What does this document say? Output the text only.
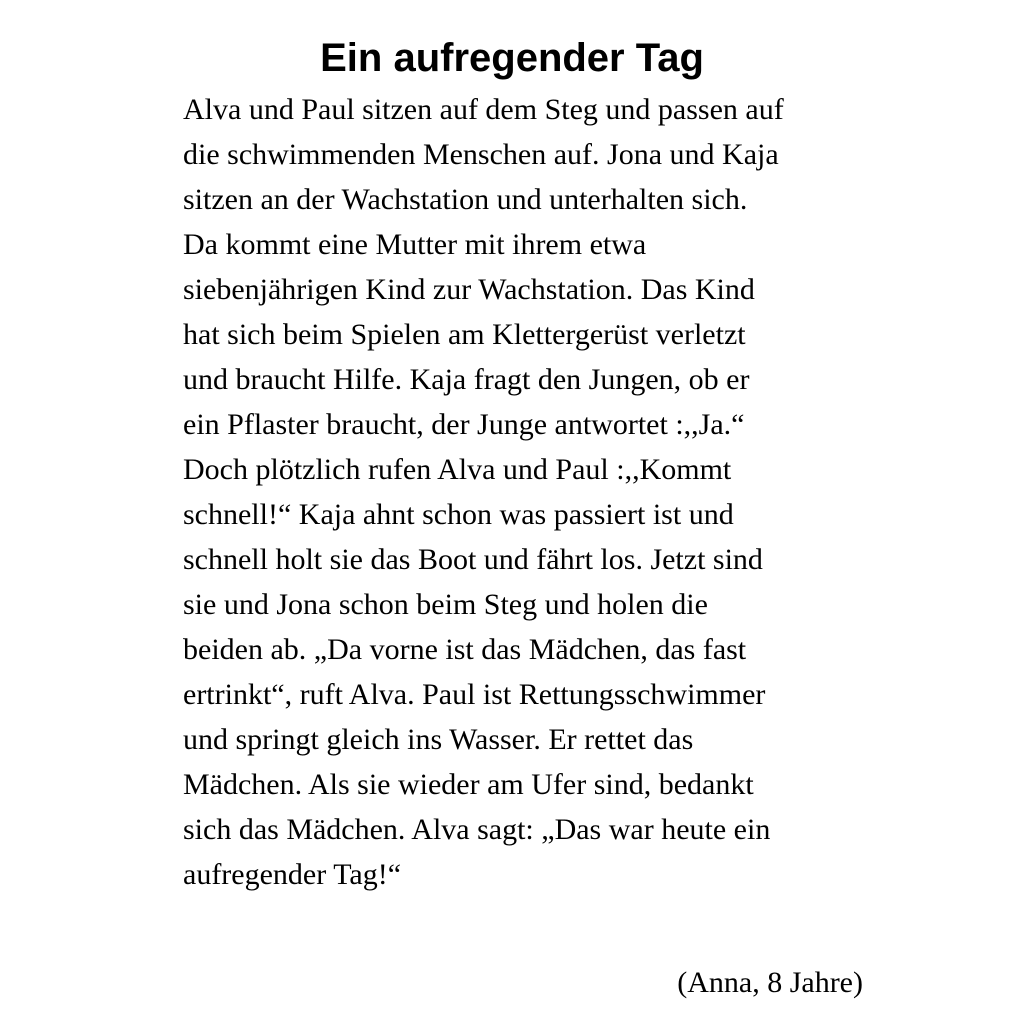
Ein aufregender Tag
Alva und Paul sitzen auf dem Steg und passen auf
die schwimmenden Menschen auf. Jona und Kaja
sitzen an der Wachstation und unterhalten sich.
Da kommt eine Mutter mit ihrem etwa
siebenjährigen Kind zur Wachstation. Das Kind
hat sich beim Spielen am Klettergerüst verletzt
und braucht Hilfe. Kaja fragt den Jungen, ob er
ein Pflaster braucht, der Junge antwortet :,,Ja.“
Doch plötzlich rufen Alva und Paul :,,Kommt
schnell!“ Kaja ahnt schon was passiert ist und
schnell holt sie das Boot und fährt los. Jetzt sind
sie und Jona schon beim Steg und holen die
beiden ab. „Da vorne ist das Mädchen, das fast
ertrinkt“, ruft Alva. Paul ist Rettungsschwimmer
und springt gleich ins Wasser. Er rettet das
Mädchen. Als sie wieder am Ufer sind, bedankt
sich das Mädchen. Alva sagt: „Das war heute ein
aufregender Tag!“
(Anna, 8 Jahre)
